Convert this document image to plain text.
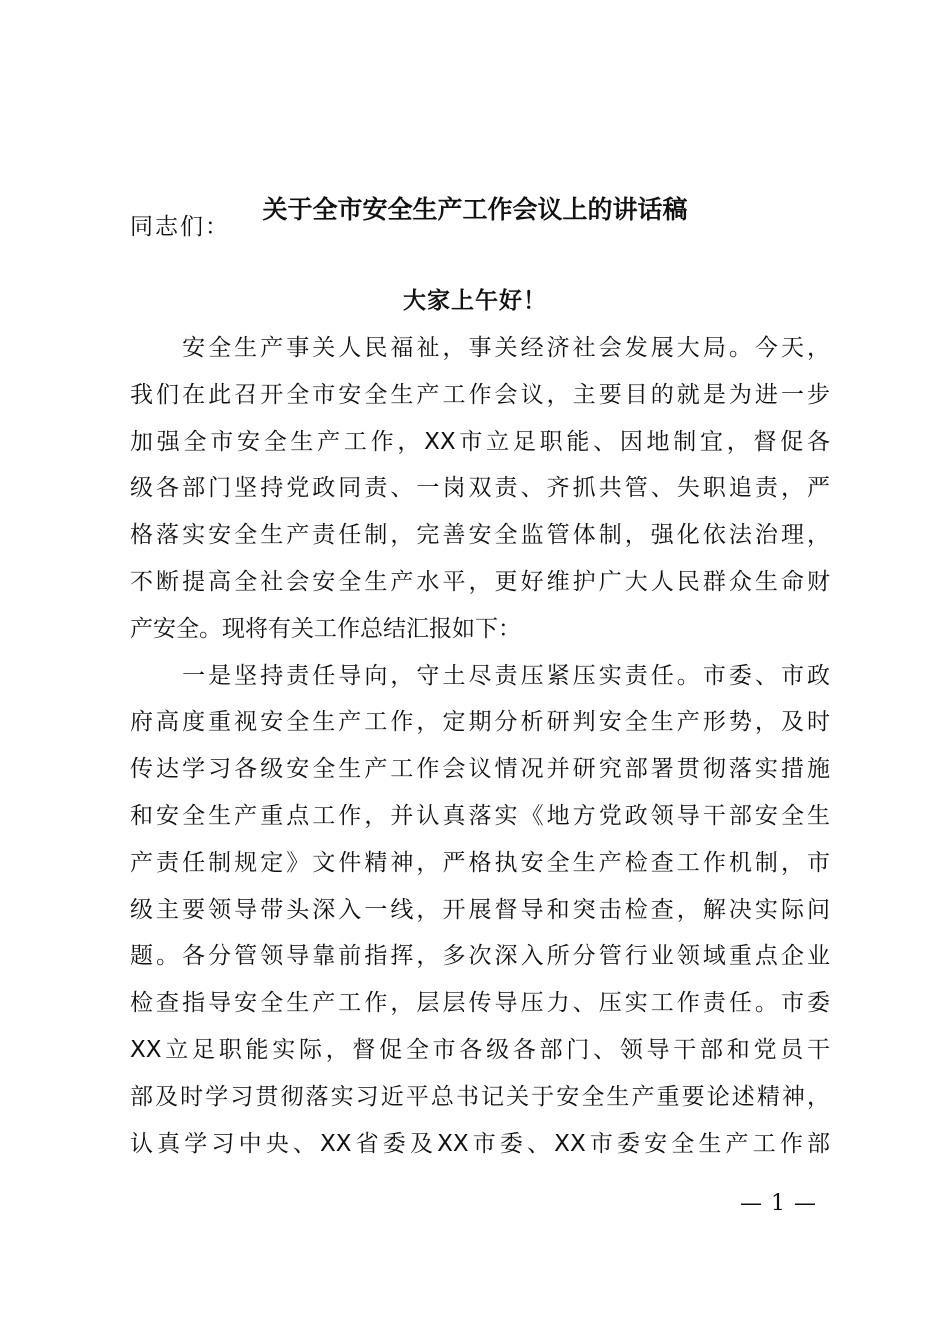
关于全市安全生产工作会议上的讲话稿
同志们：
大家上午好！
　　安全生产事关人民福祉，事关经济社会发展大局。今天，
我们在此召开全市安全生产工作会议，主要目的就是为进一步
加强全市安全生产工作，XX市立足职能、因地制宜，督促各
级各部门坚持党政同责、一岗双责、齐抓共管、失职追责，严
格落实安全生产责任制，完善安全监管体制，强化依法治理，
不断提高全社会安全生产水平，更好维护广大人民群众生命财
产安全。现将有关工作总结汇报如下：
　　一是坚持责任导向，守土尽责压紧压实责任。市委、市政
府高度重视安全生产工作，定期分析研判安全生产形势，及时
传达学习各级安全生产工作会议情况并研究部署贯彻落实措施
和安全生产重点工作，并认真落实《地方党政领导干部安全生
产责任制规定》文件精神，严格执安全生产检查工作机制，市
级主要领导带头深入一线，开展督导和突击检查，解决实际问
题。各分管领导靠前指挥，多次深入所分管行业领域重点企业
检查指导安全生产工作，层层传导压力、压实工作责任。市委
XX立足职能实际，督促全市各级各部门、领导干部和党员干
部及时学习贯彻落实习近平总书记关于安全生产重要论述精神，
认真学习中央、XX省委及XX市委、XX市委安全生产工作部
— 1 —
